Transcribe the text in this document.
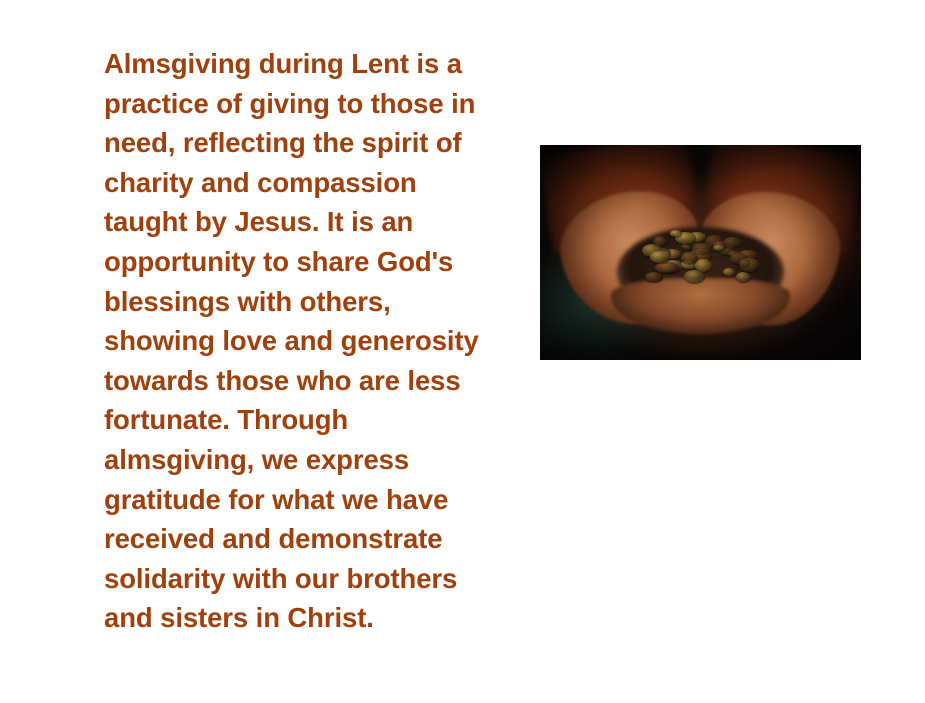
Almsgiving during Lent is a practice of giving to those in need, reflecting the spirit of charity and compassion taught by Jesus. It is an opportunity to share God's blessings with others, showing love and generosity towards those who are less fortunate. Through almsgiving, we express gratitude for what we have received and demonstrate solidarity with our brothers and sisters in Christ.
